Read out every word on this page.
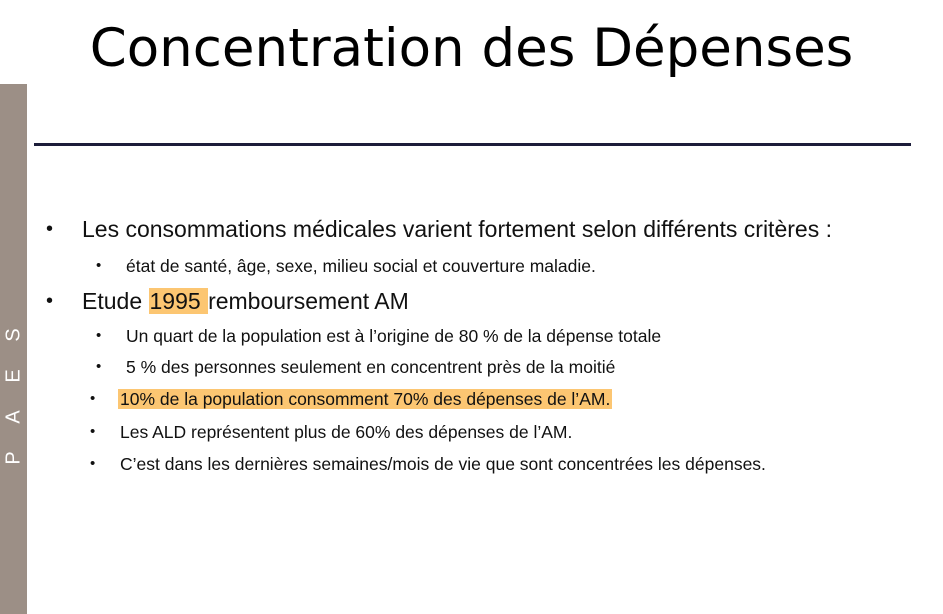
S
E
A
P
Concentration des Dépenses
• Les consommations médicales varient fortement selon différents critères :
• état de santé, âge, sexe, milieu social et couverture maladie.
• Etude 1995 remboursement AM
• Un quart de la population est à l’origine de 80 % de la dépense totale
• 5 % des personnes seulement en concentrent près de la moitié
• 10% de la population consomment 70% des dépenses de l’AM.
• Les ALD représentent plus de 60% des dépenses de l’AM.
• C’est dans les dernières semaines/mois de vie que sont concentrées les dépenses.
